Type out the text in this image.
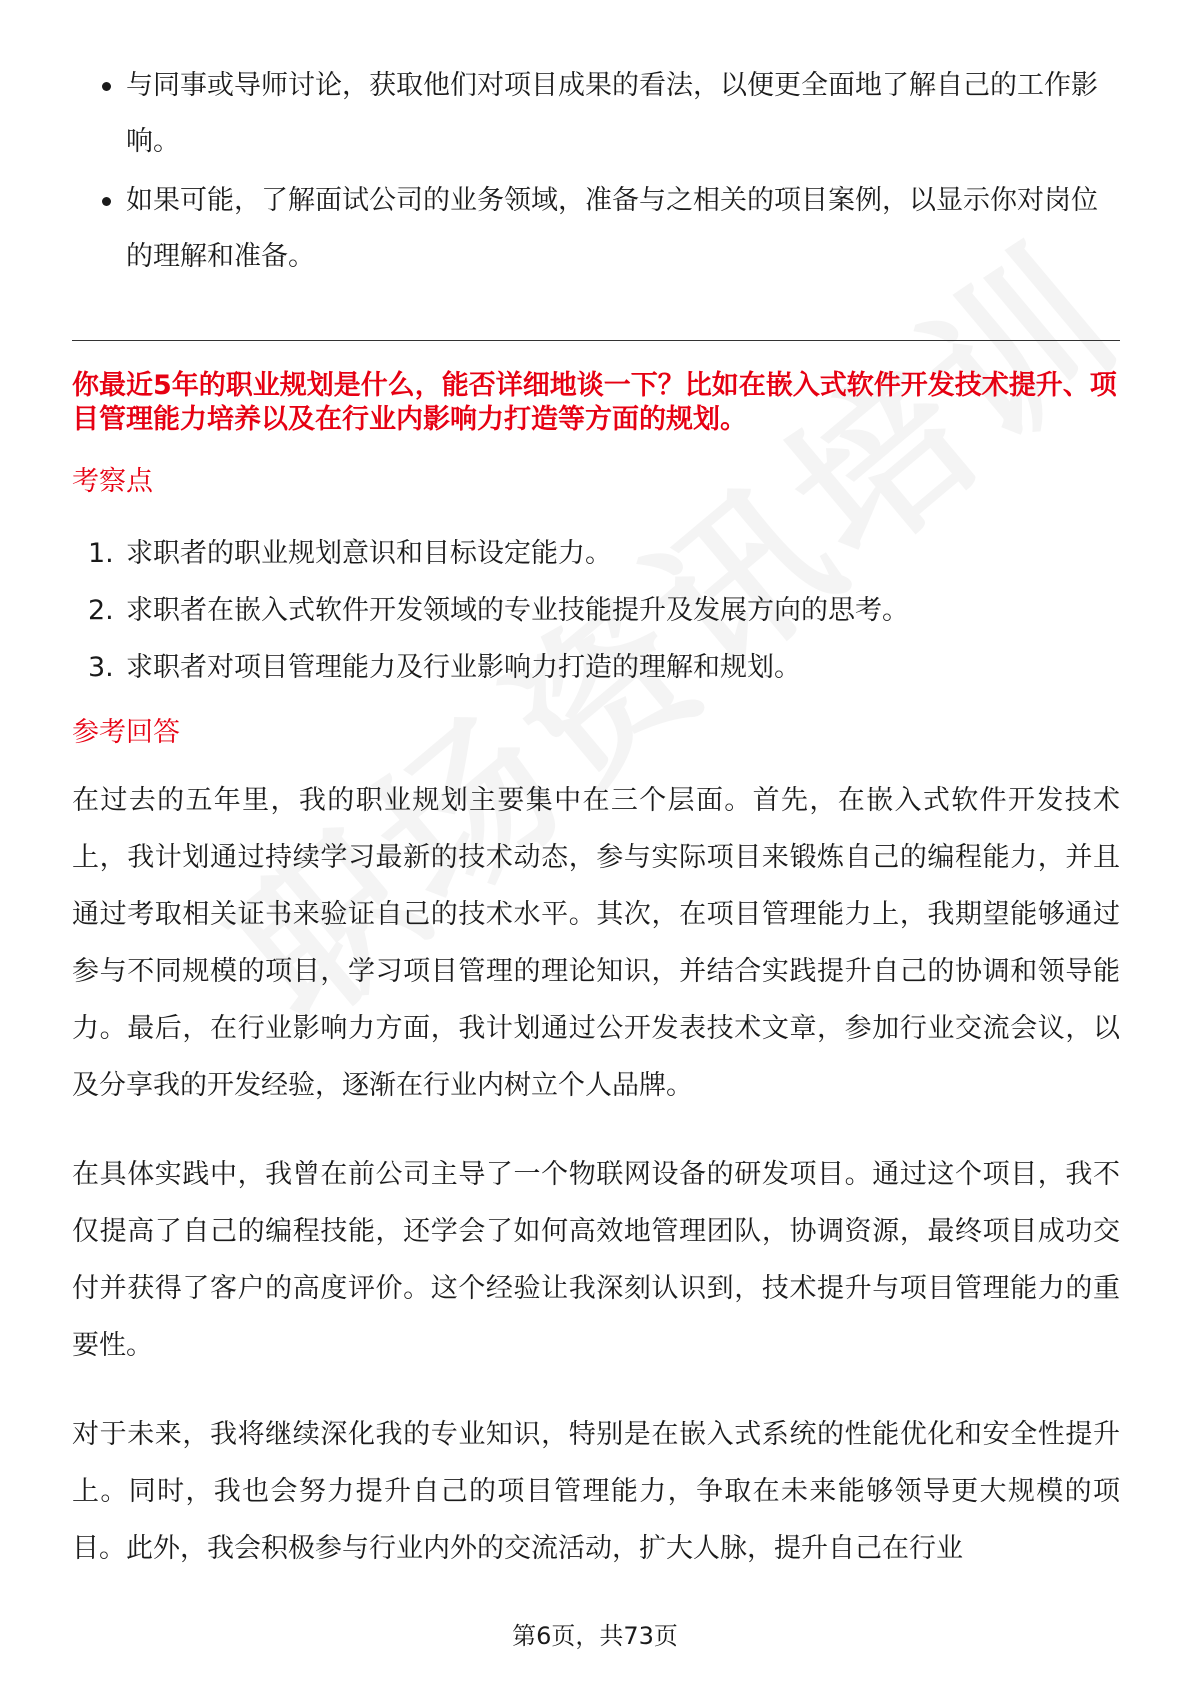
与同事或导师讨论，获取他们对项目成果的看法，以便更全面地了解自己的工作影响。
如果可能，了解面试公司的业务领域，准备与之相关的项目案例，以显示你对岗位的理解和准备。

你最近5年的职业规划是什么，能否详细地谈一下？比如在嵌入式软件开发技术提升、项目管理能力培养以及在行业内影响力打造等方面的规划。

考察点
1. 求职者的职业规划意识和目标设定能力。
2. 求职者在嵌入式软件开发领域的专业技能提升及发展方向的思考。
3. 求职者对项目管理能力及行业影响力打造的理解和规划。
参考回答

在过去的五年里，我的职业规划主要集中在三个层面。首先，在嵌入式软件开发技术上，我计划通过持续学习最新的技术动态，参与实际项目来锻炼自己的编程能力，并且通过考取相关证书来验证自己的技术水平。其次，在项目管理能力上，我期望能够通过参与不同规模的项目，学习项目管理的理论知识，并结合实践提升自己的协调和领导能力。最后，在行业影响力方面，我计划通过公开发表技术文章，参加行业交流会议，以及分享我的开发经验，逐渐在行业内树立个人品牌。

在具体实践中，我曾在前公司主导了一个物联网设备的研发项目。通过这个项目，我不仅提高了自己的编程技能，还学会了如何高效地管理团队，协调资源，最终项目成功交付并获得了客户的高度评价。这个经验让我深刻认识到，技术提升与项目管理能力的重要性。

对于未来，我将继续深化我的专业知识，特别是在嵌入式系统的性能优化和安全性提升上。同时，我也会努力提升自己的项目管理能力，争取在未来能够领导更大规模的项目。此外，我会积极参与行业内外的交流活动，扩大人脉，提升自己在行业

第6页，共73页
